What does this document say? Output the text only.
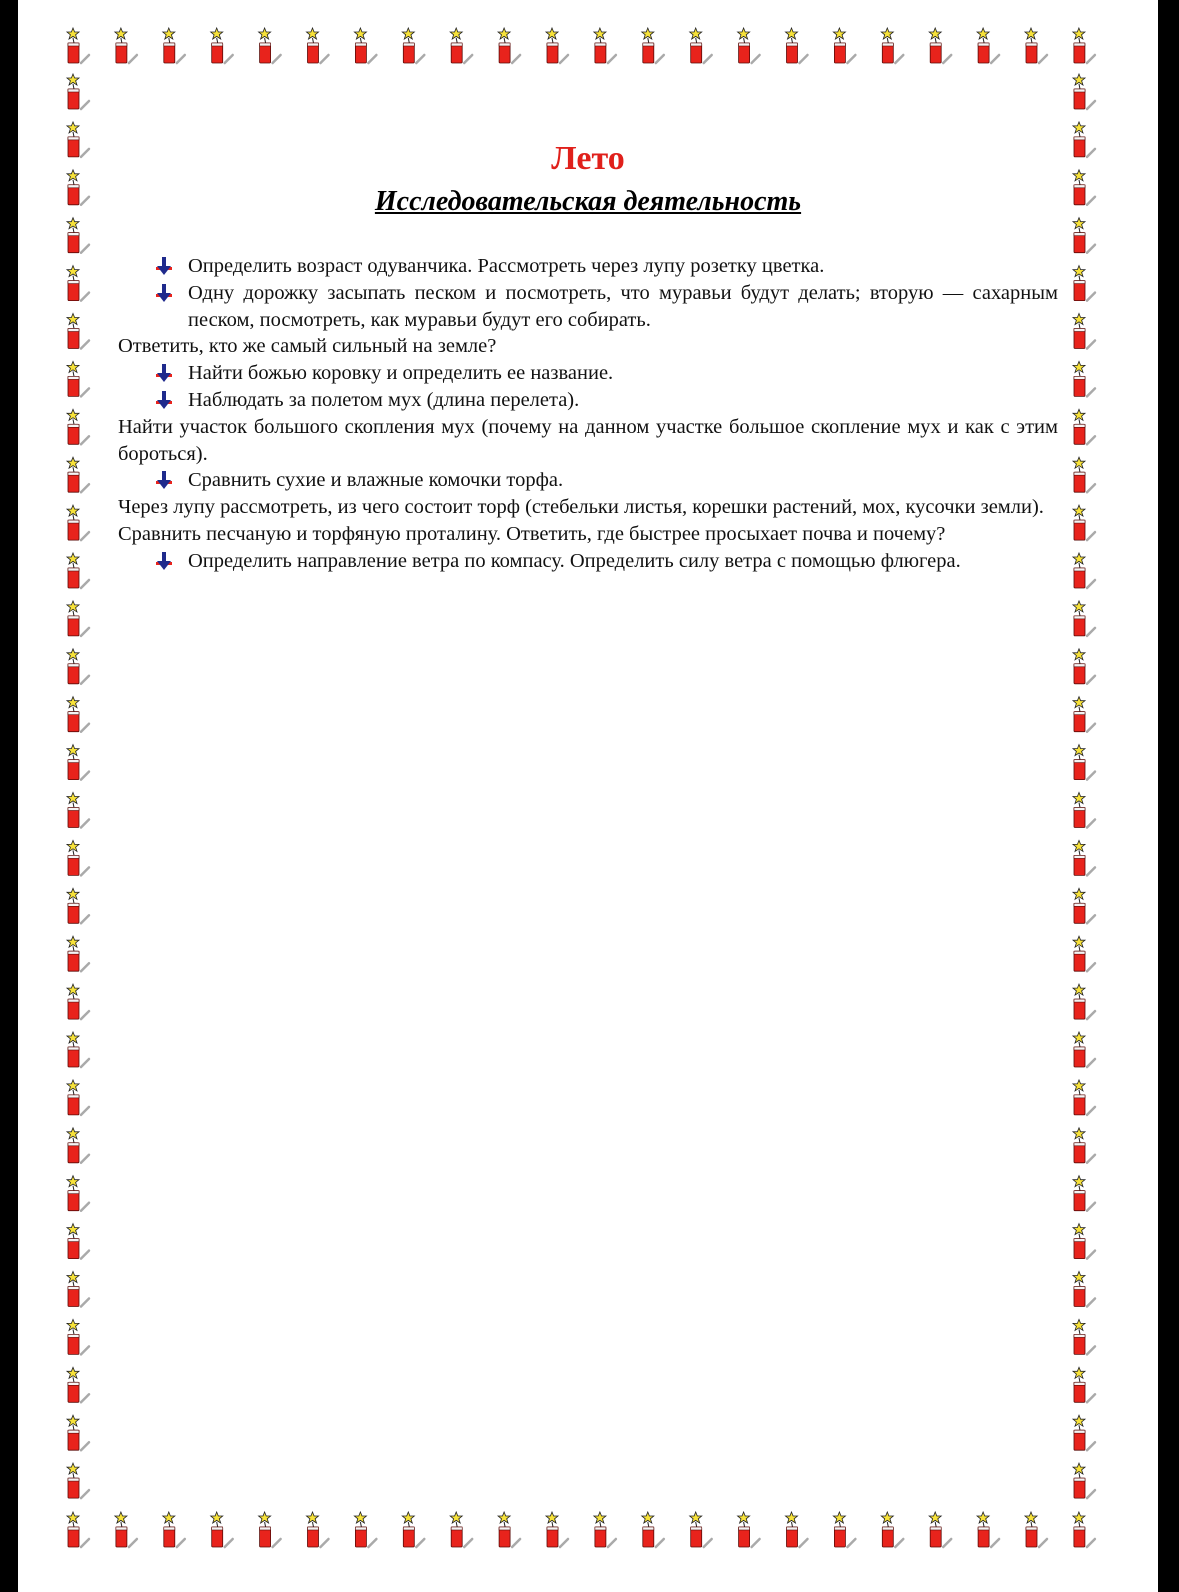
Лето
Исследовательская деятельность
Определить возраст одуванчика. Рассмотреть через лупу розетку цветка.
Одну дорожку засыпать песком и посмотреть, что муравьи будут делать; вторую — сахарным песком, посмотреть, как муравьи будут его собирать.

Ответить, кто же самый сильный на земле?

Найти божью коровку и определить ее название.
Наблюдать за полетом мух (длина перелета).

Найти участок большого скопления мух (почему на данном участке большое скопление мух и как с этим бороться).

Сравнить сухие и влажные комочки торфа.

Через лупу рассмотреть, из чего состоит торф (стебельки листья, корешки растений, мох, кусочки земли).

Сравнить песчаную и торфяную проталину. Ответить, где быстрее просыхает почва и почему?

Определить направление ветра по компасу. Определить силу ветра с помощью флюгера.
